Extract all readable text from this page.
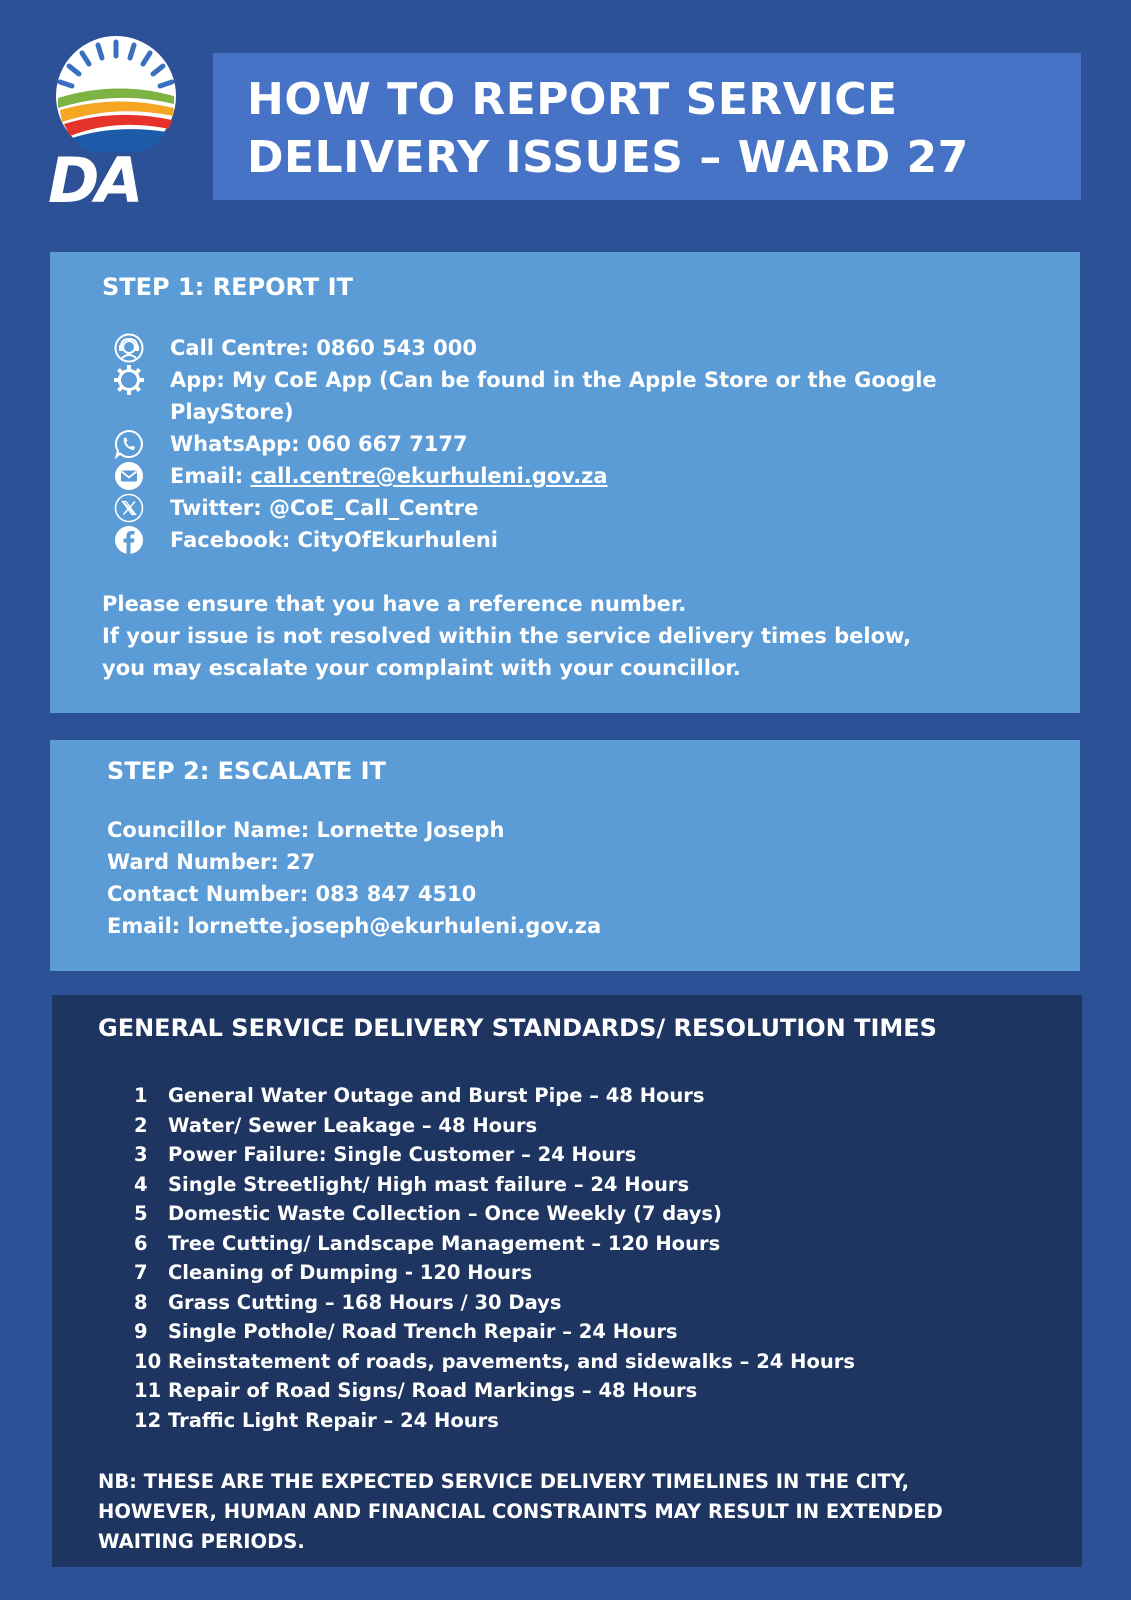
DA
HOW TO REPORT SERVICE
DELIVERY ISSUES – WARD 27
STEP 1: REPORT IT
Call Centre: 0860 543 000
App: My CoE App (Can be found in the Apple Store or the Google PlayStore)
WhatsApp: 060 667 7177
Email: call.centre@ekurhuleni.gov.za
Twitter: @CoE_Call_Centre
Facebook: CityOfEkurhuleni
Please ensure that you have a reference number.
If your issue is not resolved within the service delivery times below,
you may escalate your complaint with your councillor.
STEP 2: ESCALATE IT
Councillor Name: Lornette Joseph
Ward Number: 27
Contact Number: 083 847 4510
Email: lornette.joseph@ekurhuleni.gov.za
GENERAL SERVICE DELIVERY STANDARDS/ RESOLUTION TIMES
1	General Water Outage and Burst Pipe – 48 Hours
2	Water/ Sewer Leakage – 48 Hours
3	Power Failure: Single Customer – 24 Hours
4	Single Streetlight/ High mast failure – 24 Hours
5	Domestic Waste Collection – Once Weekly (7 days)
6	Tree Cutting/ Landscape Management – 120 Hours
7	Cleaning of Dumping - 120 Hours
8	Grass Cutting – 168 Hours / 30 Days
9	Single Pothole/ Road Trench Repair – 24 Hours
10 Reinstatement of roads, pavements, and sidewalks – 24 Hours
11 Repair of Road Signs/ Road Markings – 48 Hours
12 Traffic Light Repair – 24 Hours
NB: THESE ARE THE EXPECTED SERVICE DELIVERY TIMELINES IN THE CITY,
HOWEVER, HUMAN AND FINANCIAL CONSTRAINTS MAY RESULT IN EXTENDED
WAITING PERIODS.
